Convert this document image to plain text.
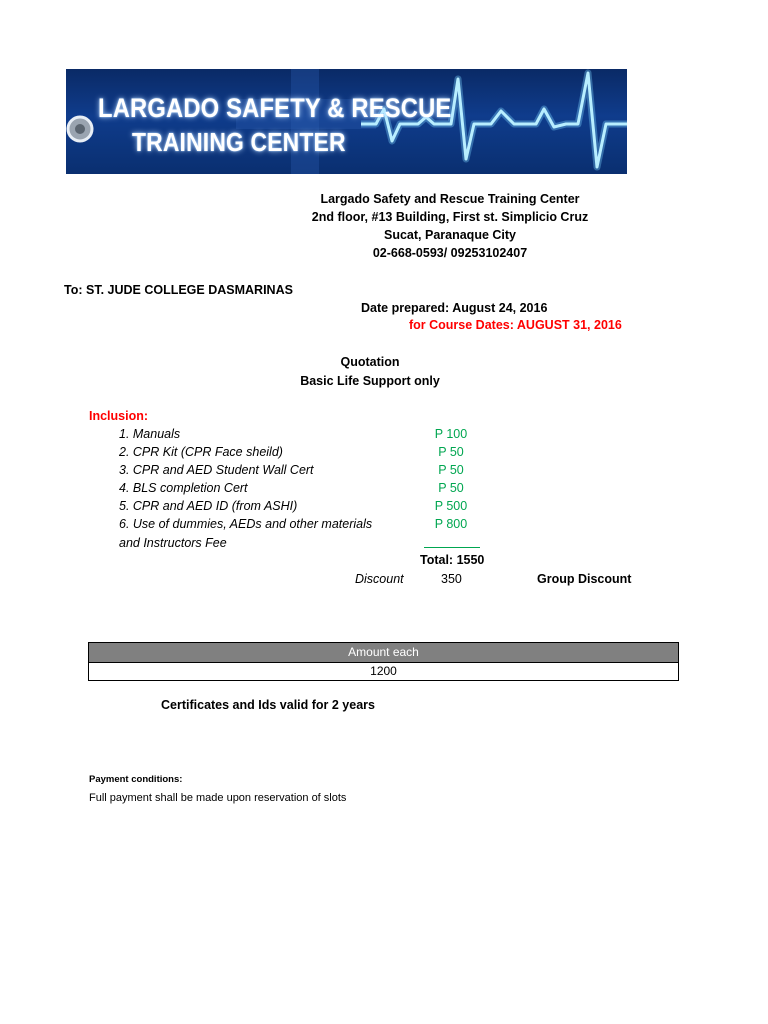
LARGADO SAFETY & RESCUE
TRAINING CENTER
Largado Safety and Rescue Training Center
2nd floor, #13 Building, First st. Simplicio Cruz
Sucat, Paranaque City
02-668-0593/ 09253102407
To: ST. JUDE COLLEGE DASMARINAS
Date prepared: August 24, 2016
for Course Dates: AUGUST 31, 2016
Quotation
Basic Life Support only
Inclusion:
1. Manuals	P 100
2. CPR Kit (CPR Face sheild)	P 50
3. CPR and AED Student Wall Cert	P 50
4. BLS completion Cert	P 50
5. CPR and AED ID (from ASHI)	P 500
6. Use of dummies, AEDs and other materials	P 800
and Instructors Fee
Total: 1550
Discount	350	Group Discount
Amount each
1200
Certificates and Ids valid for 2 years
Payment conditions:
Full payment shall be made upon reservation of slots
